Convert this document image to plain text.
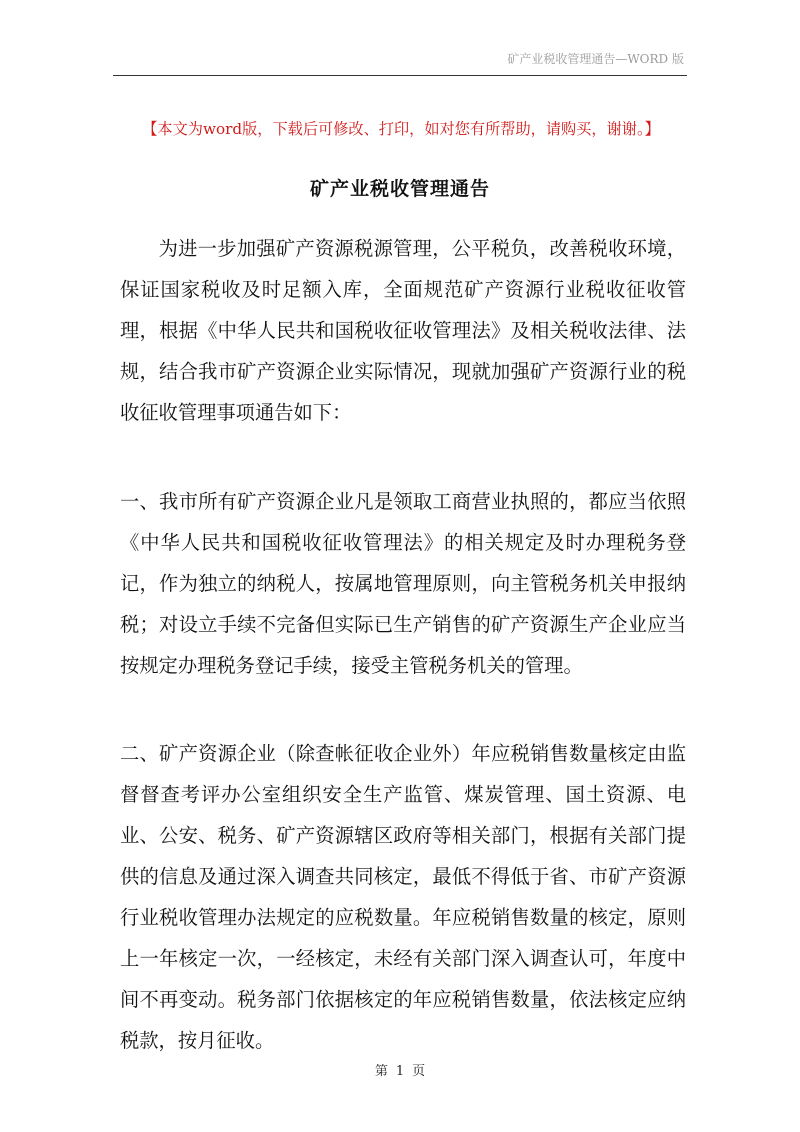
矿产业税收管理通告—WORD 版
【本文为word版，下载后可修改、打印，如对您有所帮助，请购买，谢谢。】
矿产业税收管理通告

为进一步加强矿产资源税源管理，公平税负，改善税收环境，保证国家税收及时足额入库，全面规范矿产资源行业税收征收管理，根据《中华人民共和国税收征收管理法》及相关税收法律、法规，结合我市矿产资源企业实际情况，现就加强矿产资源行业的税收征收管理事项通告如下：

一、我市所有矿产资源企业凡是领取工商营业执照的，都应当依照《中华人民共和国税收征收管理法》的相关规定及时办理税务登记，作为独立的纳税人，按属地管理原则，向主管税务机关申报纳税；对设立手续不完备但实际已生产销售的矿产资源生产企业应当按规定办理税务登记手续，接受主管税务机关的管理。

二、矿产资源企业（除查帐征收企业外）年应税销售数量核定由监督督查考评办公室组织安全生产监管、煤炭管理、国土资源、电业、公安、税务、矿产资源辖区政府等相关部门，根据有关部门提供的信息及通过深入调查共同核定，最低不得低于省、市矿产资源行业税收管理办法规定的应税数量。年应税销售数量的核定，原则上一年核定一次，一经核定，未经有关部门深入调查认可，年度中间不再变动。税务部门依据核定的年应税销售数量，依法核定应纳税款，按月征收。

第 1 页
